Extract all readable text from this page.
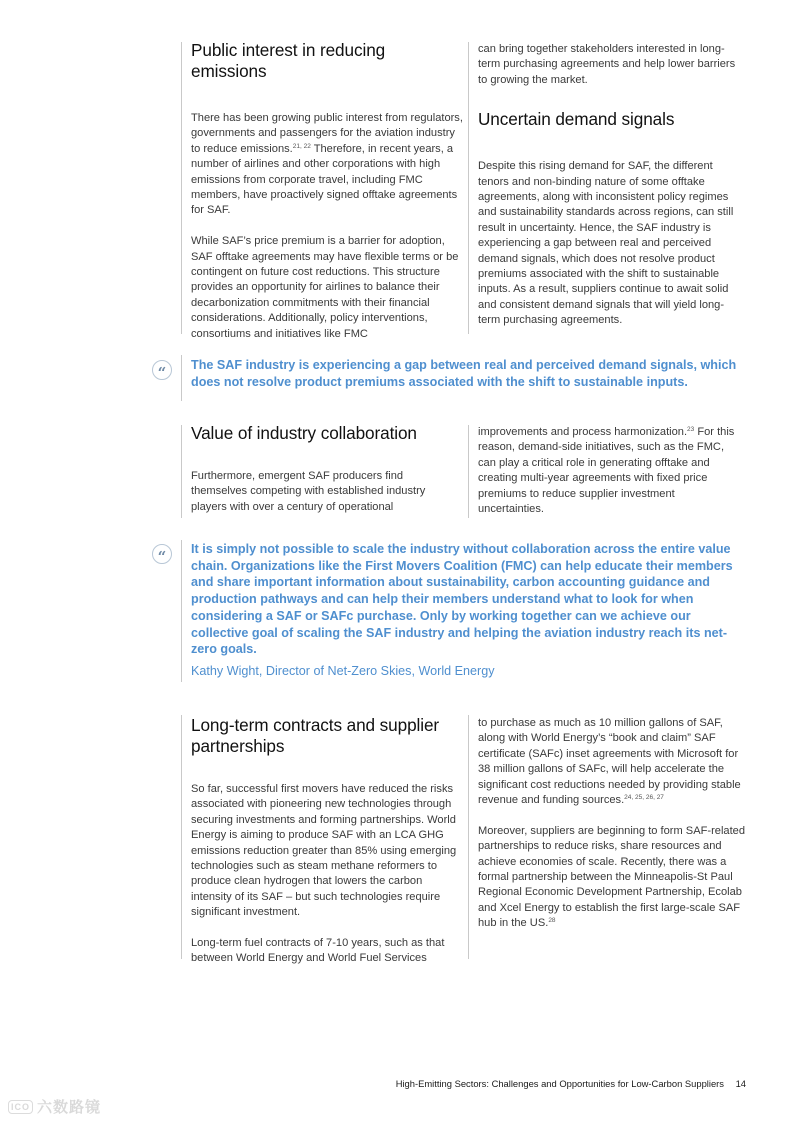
Public interest in reducing emissions

There has been growing public interest from regulators, governments and passengers for the aviation industry to reduce emissions.$^{21, 22}$ Therefore, in recent years, a number of airlines and other corporations with high emissions from corporate travel, including FMC members, have proactively signed offtake agreements for SAF.

While SAF’s price premium is a barrier for adoption, SAF offtake agreements may have flexible terms or be contingent on future cost reductions. This structure provides an opportunity for airlines to balance their decarbonization commitments with their financial considerations. Additionally, policy interventions, consortiums and initiatives like FMC

can bring together stakeholders interested in long-term purchasing agreements and help lower barriers to growing the market.

Uncertain demand signals

Despite this rising demand for SAF, the different tenors and non-binding nature of some offtake agreements, along with inconsistent policy regimes and sustainability standards across regions, can still result in uncertainty. Hence, the SAF industry is experiencing a gap between real and perceived demand signals, which does not resolve product premiums associated with the shift to sustainable inputs. As a result, suppliers continue to await solid and consistent demand signals that will yield long-term purchasing agreements.

“	The SAF industry is experiencing a gap between real and perceived demand signals, which does not resolve product premiums associated with the shift to sustainable inputs.
Value of industry collaboration

Furthermore, emergent SAF producers find themselves competing with established industry players with over a century of operational

improvements and process harmonization.$^{23}$ For this reason, demand-side initiatives, such as the FMC, can play a critical role in generating offtake and creating multi-year agreements with fixed price premiums to reduce supplier investment uncertainties.

“	It is simply not possible to scale the industry without collaboration across the entire value chain. Organizations like the First Movers Coalition (FMC) can help educate their members and share important information about sustainability, carbon accounting guidance and production pathways and can help their members understand what to look for when considering a SAF or SAFc purchase. Only by working together can we achieve our collective goal of scaling the SAF industry and helping the aviation industry reach its net-zero goals.
Kathy Wight, Director of Net-Zero Skies, World Energy
Long-term contracts and supplier partnerships

So far, successful first movers have reduced the risks associated with pioneering new technologies through securing investments and forming partnerships. World Energy is aiming to produce SAF with an LCA GHG emissions reduction greater than 85% using emerging technologies such as steam methane reformers to produce clean hydrogen that lowers the carbon intensity of its SAF – but such technologies require significant investment.

Long-term fuel contracts of 7-10 years, such as that between World Energy and World Fuel Services

to purchase as much as 10 million gallons of SAF, along with World Energy’s “book and claim” SAF certificate (SAFc) inset agreements with Microsoft for 38 million gallons of SAFc, will help accelerate the significant cost reductions needed by providing stable revenue and funding sources.$^{24, 25, 26, 27}$

Moreover, suppliers are beginning to form SAF-related partnerships to reduce risks, share resources and achieve economies of scale. Recently, there was a formal partnership between the Minneapolis-St Paul Regional Economic Development Partnership, Ecolab and Xcel Energy to establish the first large-scale SAF hub in the US.$^{28}$

High-Emitting Sectors: Challenges and Opportunities for Low-Carbon Suppliers 14
ICO 六数路镜
